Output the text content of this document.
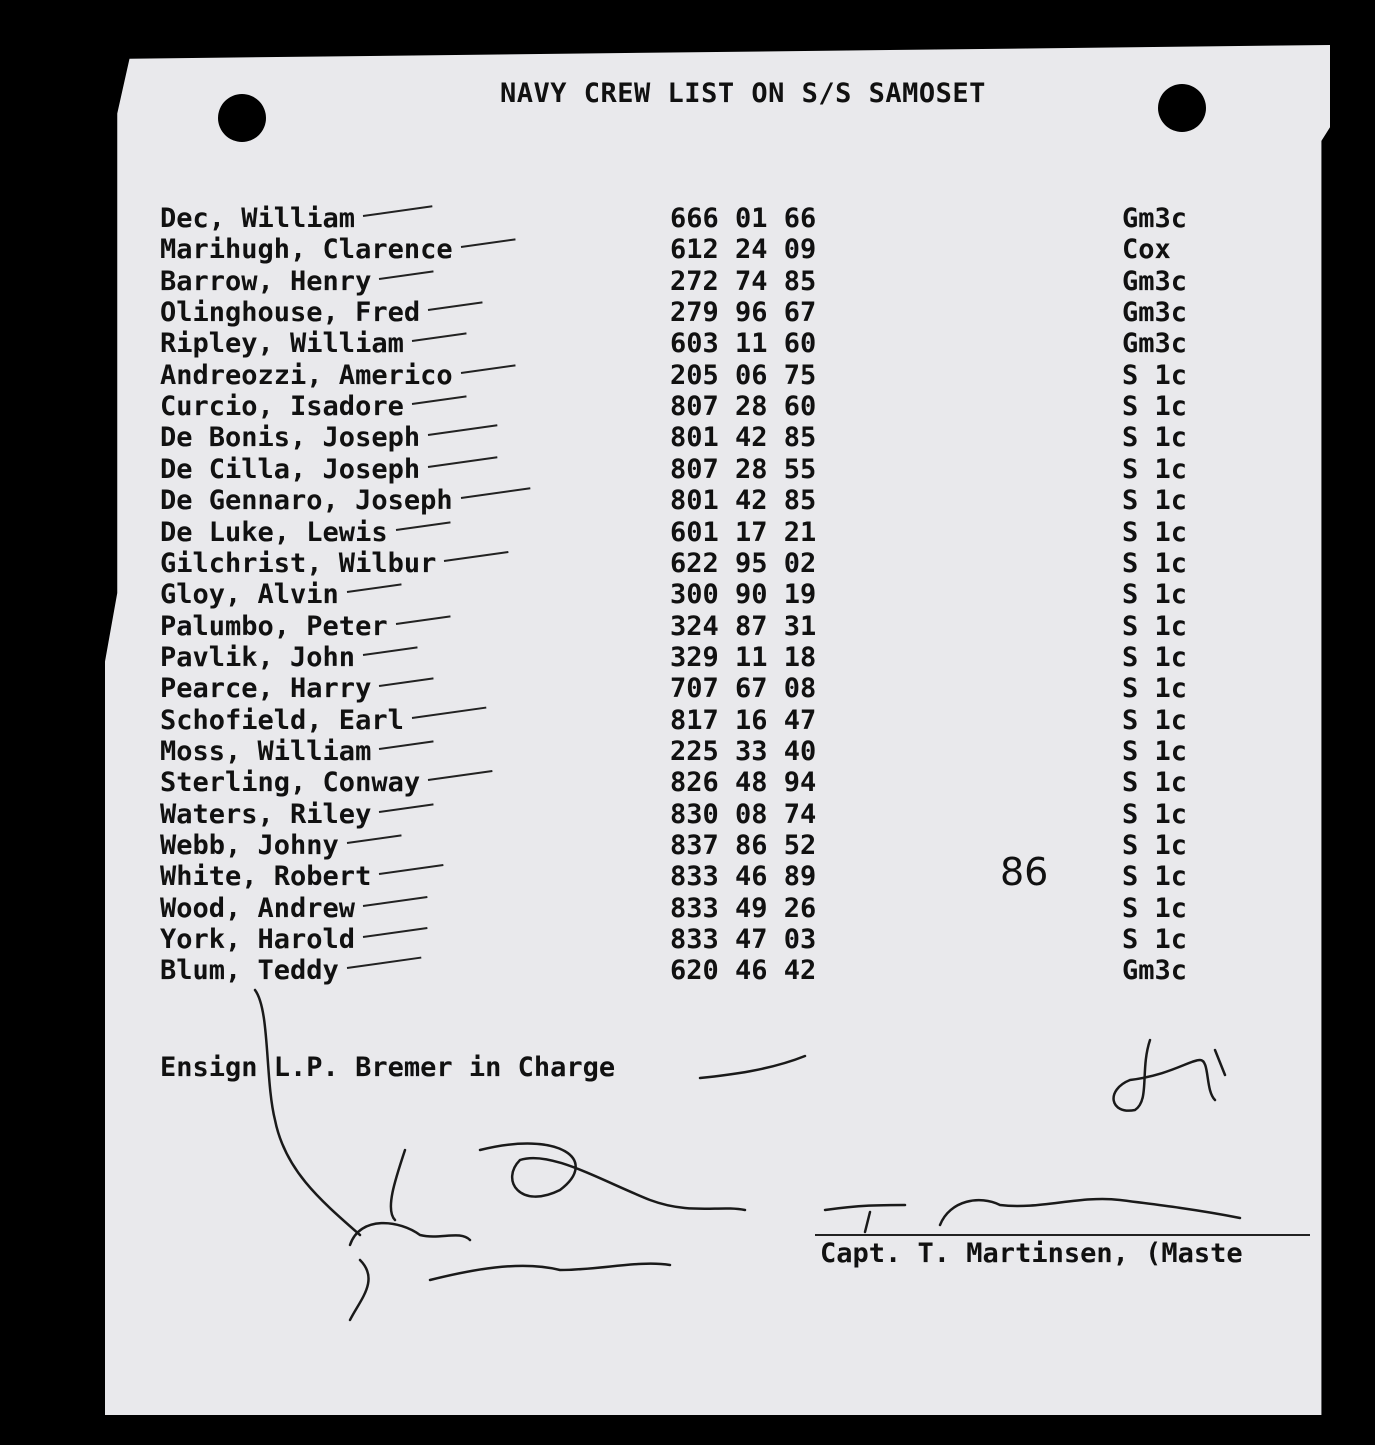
NAVY CREW LIST ON S/S SAMOSET
Dec, William	666 01 66	Gm3c
Marihugh, Clarence	612 24 09	Cox
Barrow, Henry	272 74 85	Gm3c
Olinghouse, Fred	279 96 67	Gm3c
Ripley, William	603 11 60	Gm3c
Andreozzi, Americo	205 06 75	S 1c
Curcio, Isadore	807 28 60	S 1c
De Bonis, Joseph	801 42 85	S 1c
De Cilla, Joseph	807 28 55	S 1c
De Gennaro, Joseph	801 42 85	S 1c
De Luke, Lewis	601 17 21	S 1c
Gilchrist, Wilbur	622 95 02	S 1c
Gloy, Alvin	300 90 19	S 1c
Palumbo, Peter	324 87 31	S 1c
Pavlik, John	329 11 18	S 1c
Pearce, Harry	707 67 08	S 1c
Schofield, Earl	817 16 47	S 1c
Moss, William	225 33 40	S 1c
Sterling, Conway	826 48 94	S 1c
Waters, Riley	830 08 74	S 1c
Webb, Johny	837 86 52	S 1c
White, Robert	833 46 89	S 1c
Wood, Andrew	833 49 26	S 1c
York, Harold	833 47 03	S 1c
Blum, Teddy	620 46 42	Gm3c
86
Ensign L.P. Bremer in Charge
Capt. T. Martinsen, (Maste
